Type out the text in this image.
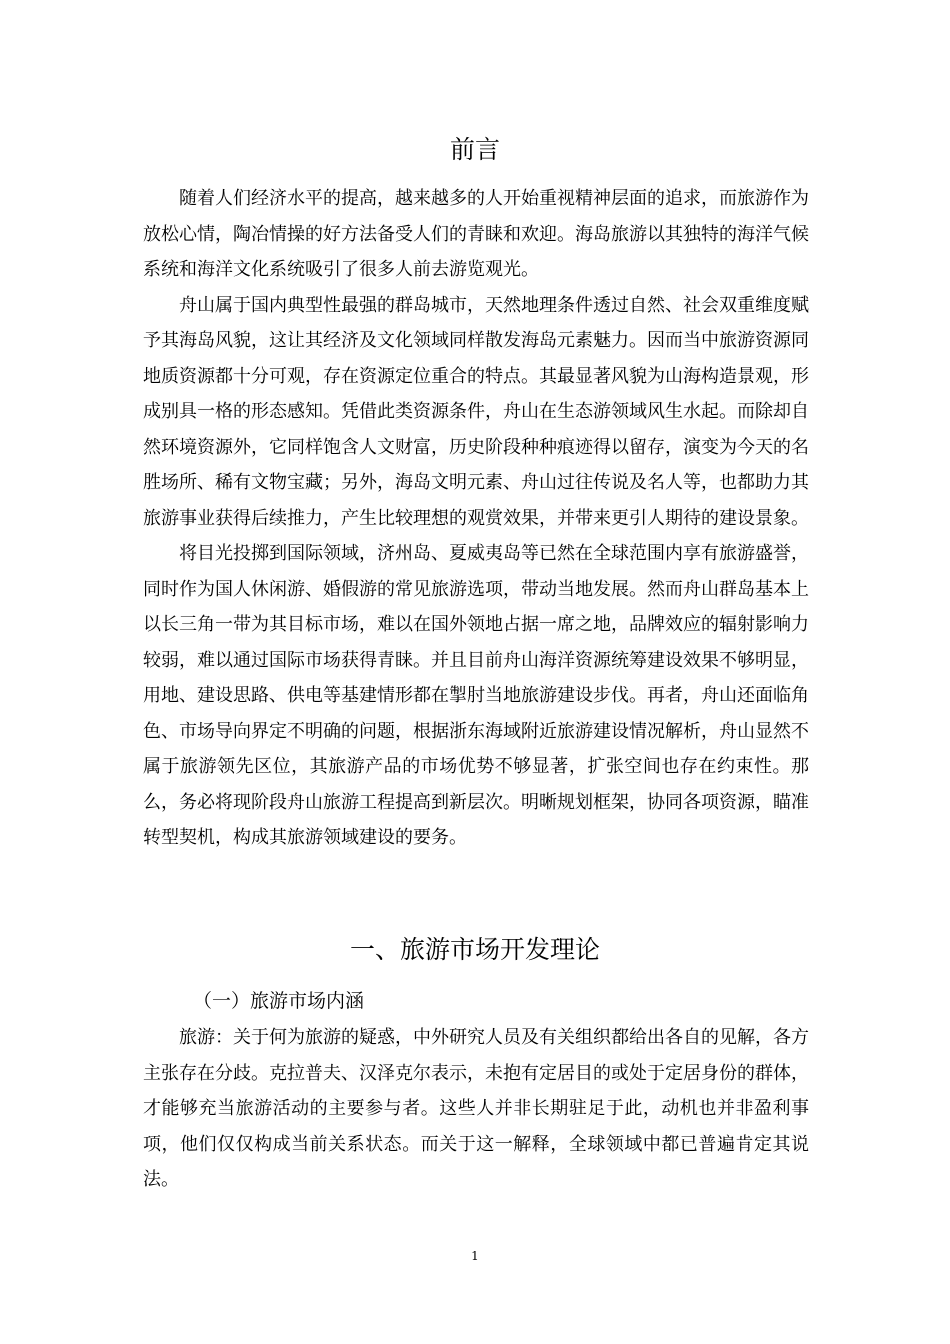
前言

随着人们经济水平的提高，越来越多的人开始重视精神层面的追求，而旅游作为放松心情，陶冶情操的好方法备受人们的青睐和欢迎。海岛旅游以其独特的海洋气候系统和海洋文化系统吸引了很多人前去游览观光。

舟山属于国内典型性最强的群岛城市，天然地理条件透过自然、社会双重维度赋予其海岛风貌，这让其经济及文化领域同样散发海岛元素魅力。因而当中旅游资源同地质资源都十分可观，存在资源定位重合的特点。其最显著风貌为山海构造景观，形成别具一格的形态感知。凭借此类资源条件，舟山在生态游领域风生水起。而除却自然环境资源外，它同样饱含人文财富，历史阶段种种痕迹得以留存，演变为今天的名胜场所、稀有文物宝藏；另外，海岛文明元素、舟山过往传说及名人等，也都助力其旅游事业获得后续推力，产生比较理想的观赏效果，并带来更引人期待的建设景象。

将目光投掷到国际领域，济州岛、夏威夷岛等已然在全球范围内享有旅游盛誉，同时作为国人休闲游、婚假游的常见旅游选项，带动当地发展。然而舟山群岛基本上以长三角一带为其目标市场，难以在国外领地占据一席之地，品牌效应的辐射影响力较弱，难以通过国际市场获得青睐。并且目前舟山海洋资源统筹建设效果不够明显，用地、建设思路、供电等基建情形都在掣肘当地旅游建设步伐。再者，舟山还面临角色、市场导向界定不明确的问题，根据浙东海域附近旅游建设情况解析，舟山显然不属于旅游领先区位，其旅游产品的市场优势不够显著，扩张空间也存在约束性。那么，务必将现阶段舟山旅游工程提高到新层次。明晰规划框架，协同各项资源，瞄准转型契机，构成其旅游领域建设的要务。

一、旅游市场开发理论
（一）旅游市场内涵

旅游：关于何为旅游的疑惑，中外研究人员及有关组织都给出各自的见解，各方主张存在分歧。克拉普夫、汉泽克尔表示，未抱有定居目的或处于定居身份的群体，才能够充当旅游活动的主要参与者。这些人并非长期驻足于此，动机也并非盈利事项，他们仅仅构成当前关系状态。而关于这一解释，全球领域中都已普遍肯定其说法。

1
